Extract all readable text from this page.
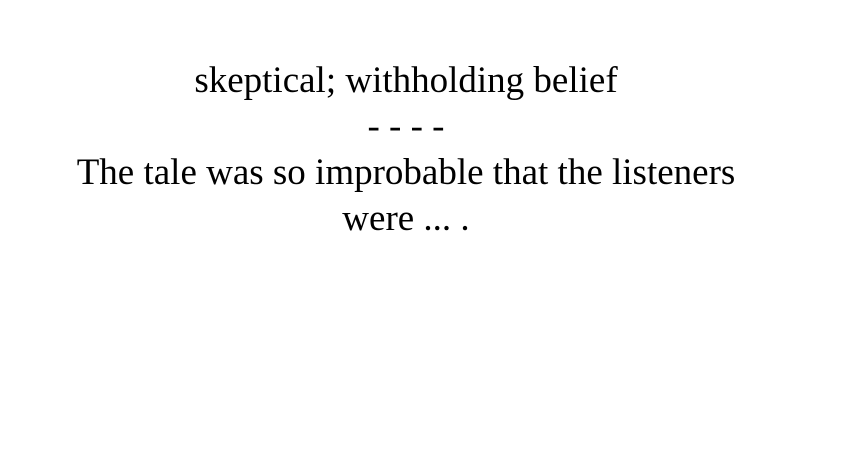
skeptical; withholding belief
- - - -
The tale was so improbable that the listeners were ... .
